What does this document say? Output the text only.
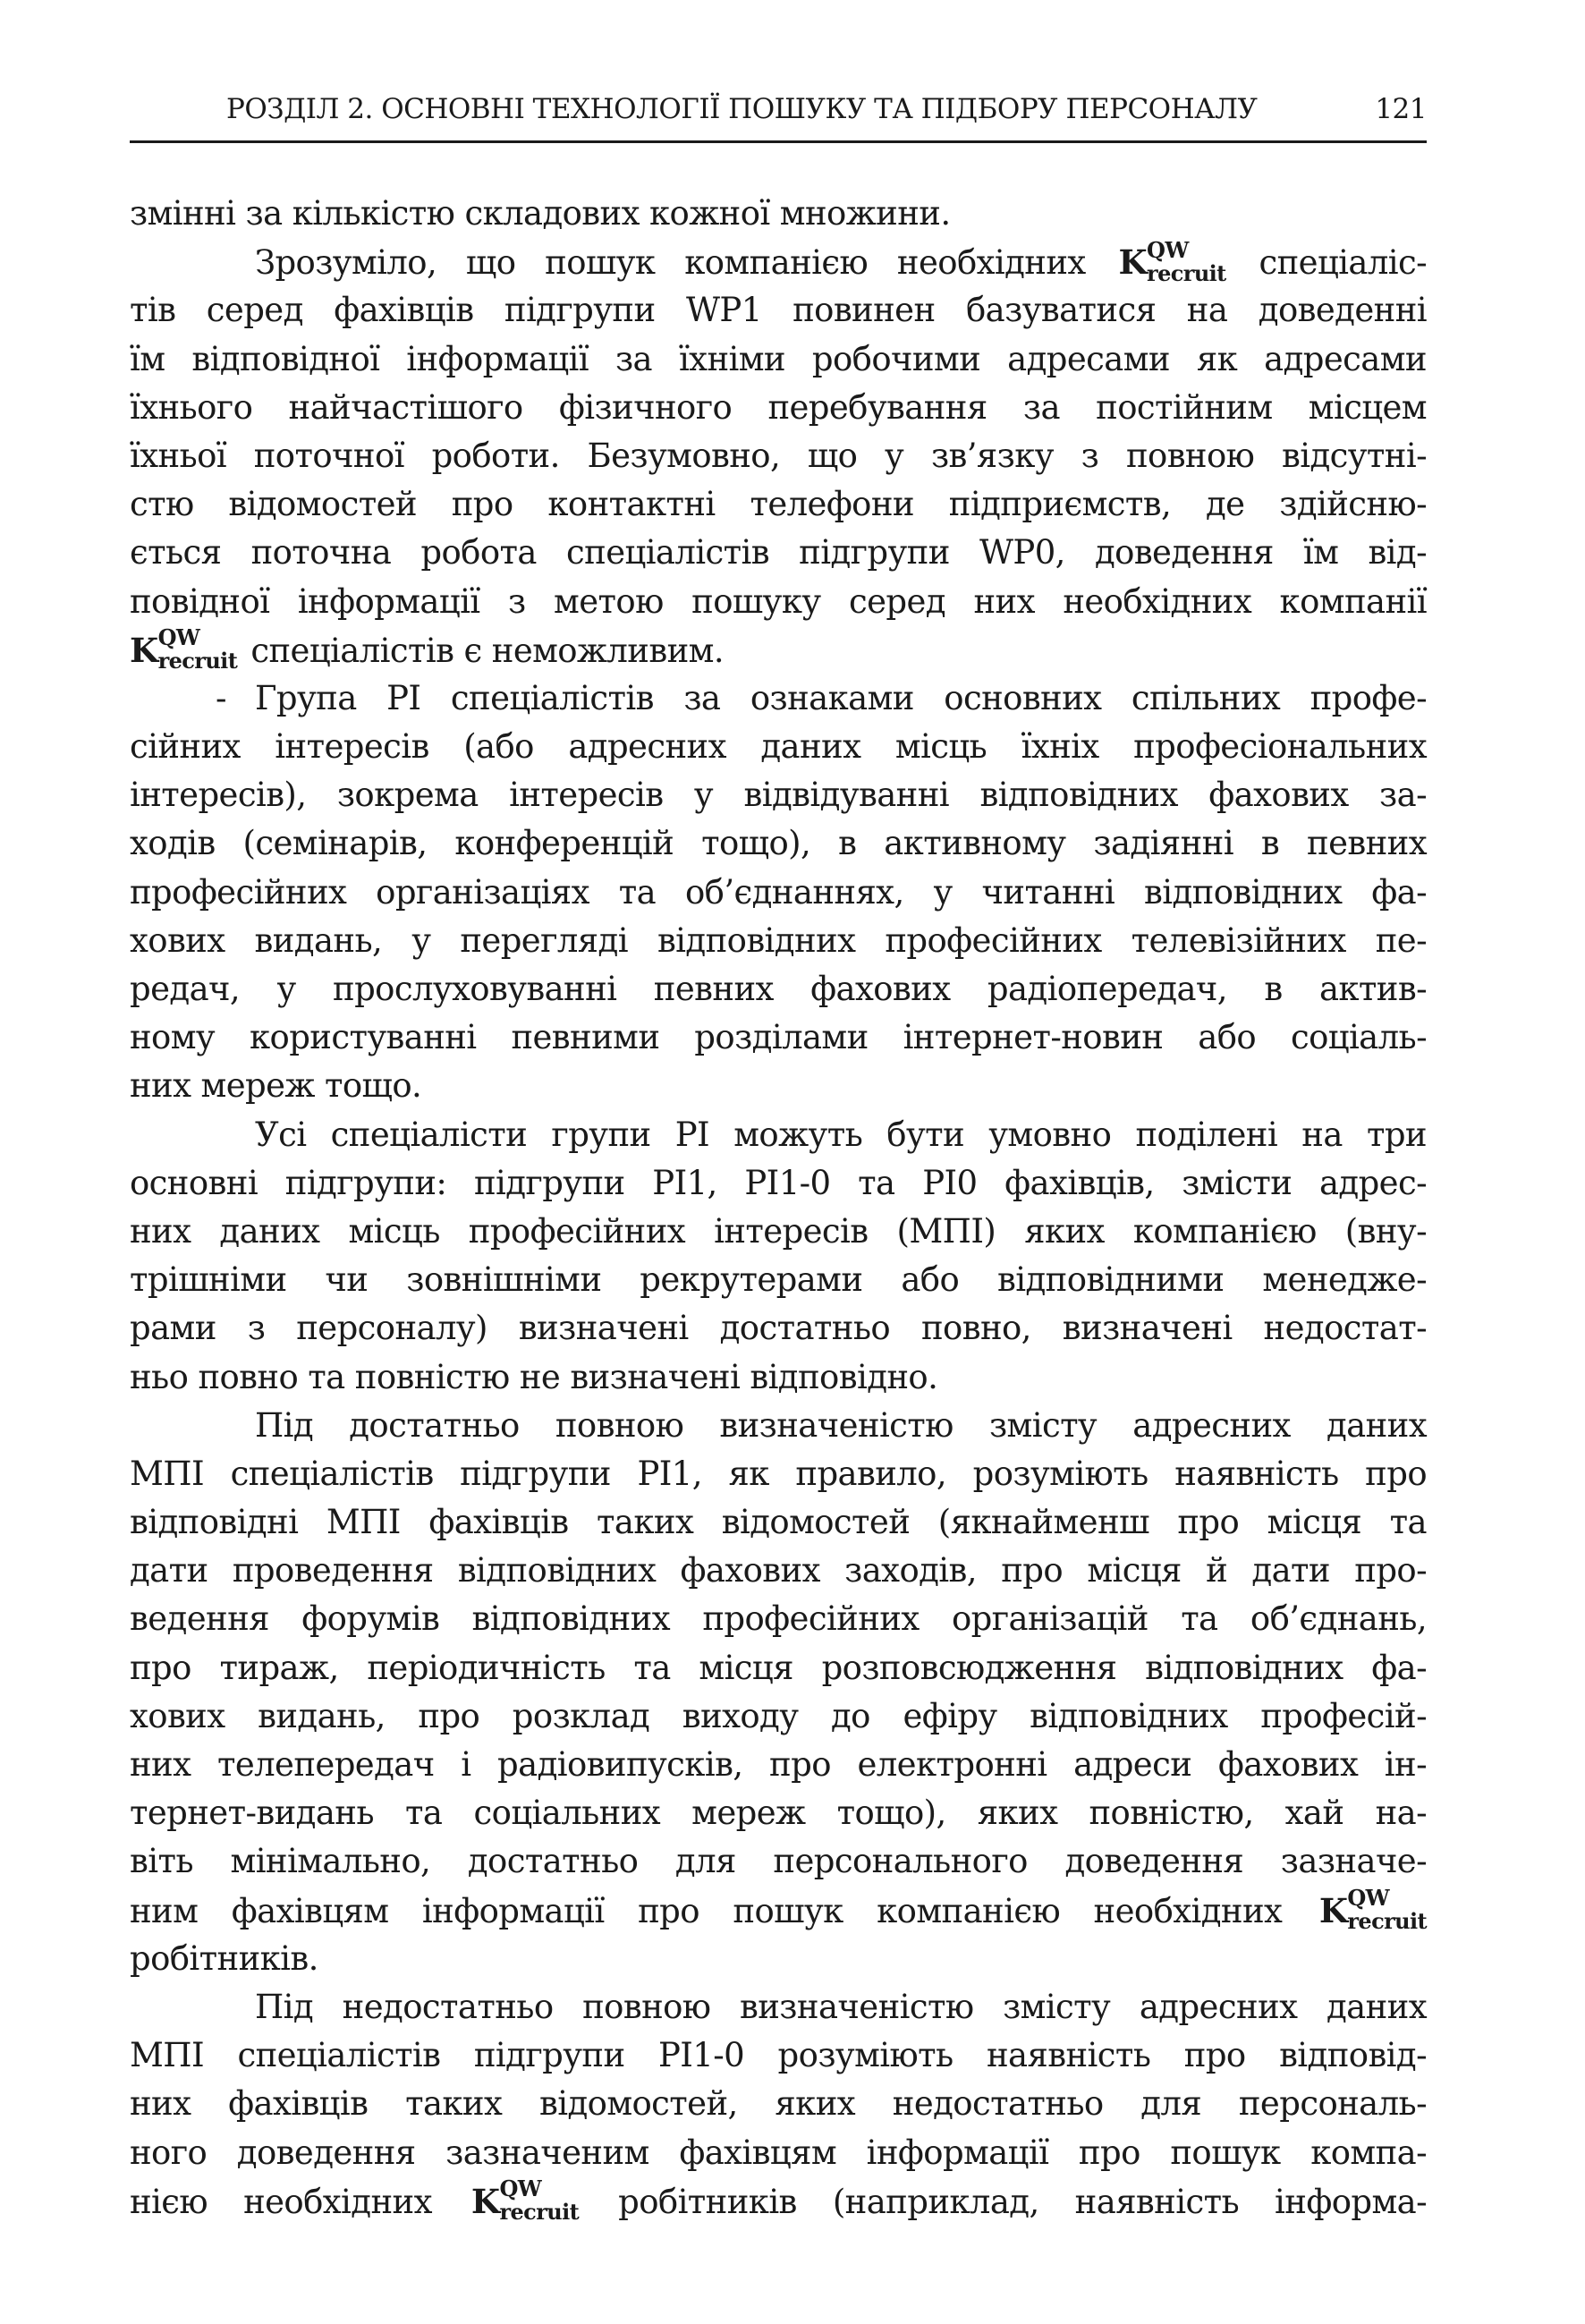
РОЗДІЛ 2. ОСНОВНІ ТЕХНОЛОГІЇ ПОШУКУ ТА ПІДБОРУ ПЕРСОНАЛУ	121
змінні за кількістю складових кожної множини.
Зрозуміло, що пошук компанією необхідних K QW
recruit спеціаліс-
тів серед фахівців підгрупи WP1 повинен базуватися на доведенні
їм відповідної інформації за їхніми робочими адресами як адресами
їхнього найчастішого фізичного перебування за постійним місцем
їхньої поточної роботи. Безумовно, що у зв’язку з повною відсутні-
стю відомостей про контактні телефони підприємств, де здійсню-
ється поточна робота спеціалістів підгрупи WP0, доведення їм від-
повідної інформації з метою пошуку серед них необхідних компанії
K QW
recruit спеціалістів є неможливим.
- Група PI спеціалістів за ознаками основних спільних профе-
сійних інтересів (або адресних даних місць їхніх професіональних
інтересів), зокрема інтересів у відвідуванні відповідних фахових за-
ходів (семінарів, конференцій тощо), в активному задіянні в певних
професійних організаціях та об’єднаннях, у читанні відповідних фа-
хових видань, у перегляді відповідних професійних телевізійних пе-
редач, у прослуховуванні певних фахових радіопередач, в актив-
ному користуванні певними розділами інтернет-новин або соціаль-
них мереж тощо.
Усі спеціалісти групи PI можуть бути умовно поділені на три
основні підгрупи: підгрупи PI1, PI1-0 та PI0 фахівців, змісти адрес-
них даних місць професійних інтересів (МПІ) яких компанією (вну-
трішніми чи зовнішніми рекрутерами або відповідними менедже-
рами з персоналу) визначені достатньо повно, визначені недостат-
ньо повно та повністю не визначені відповідно.
Під достатньо повною визначеністю змісту адресних даних
МПІ спеціалістів підгрупи PI1, як правило, розуміють наявність про
відповідні МПІ фахівців таких відомостей (якнайменш про місця та
дати проведення відповідних фахових заходів, про місця й дати про-
ведення форумів відповідних професійних організацій та об’єднань,
про тираж, періодичність та місця розповсюдження відповідних фа-
хових видань, про розклад виходу до ефіру відповідних професій-
них телепередач і радіовипусків, про електронні адреси фахових ін-
тернет-видань та соціальних мереж тощо), яких повністю, хай на-
віть мінімально, достатньо для персонального доведення зазначе-
ним фахівцям інформації про пошук компанією необхідних K QW
recruit
робітників.
Під недостатньо повною визначеністю змісту адресних даних
МПІ спеціалістів підгрупи PI1-0 розуміють наявність про відповід-
них фахівців таких відомостей, яких недостатньо для персональ-
ного доведення зазначеним фахівцям інформації про пошук компа-
нією необхідних K QW
recruit робітників (наприклад, наявність інформа-
